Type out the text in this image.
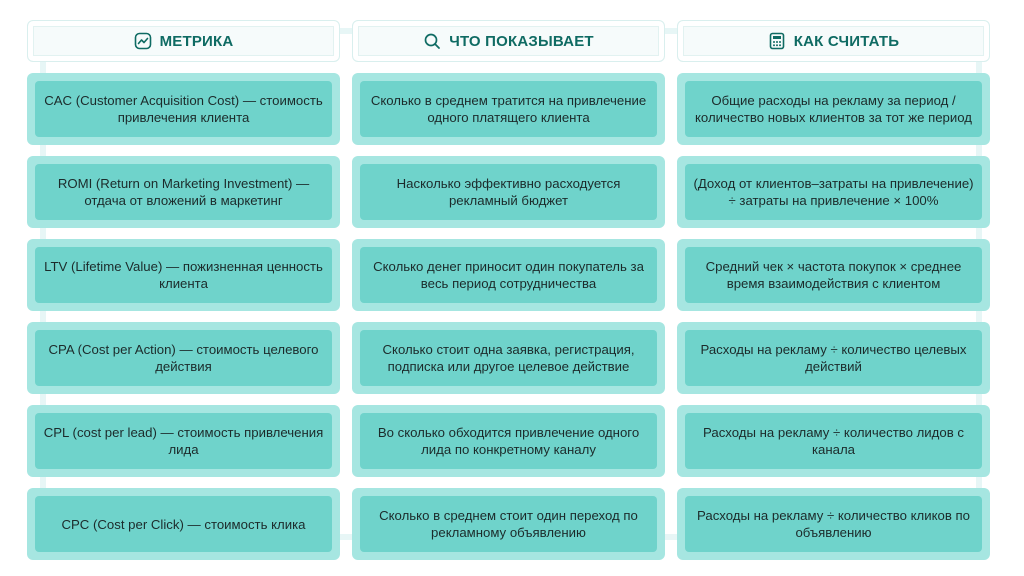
МЕТРИКА	ЧТО ПОКАЗЫВАЕТ	КАК СЧИТАТЬ
CAC (Customer Acquisition Cost) — стоимость привлечения клиента
Сколько в среднем тратится на привлечение одного платящего клиента
Общие расходы на рекламу за период / количество новых клиентов за тот же период
ROMI (Return on Marketing Investment) — отдача от вложений в маркетинг
Насколько эффективно расходуется рекламный бюджет
(Доход от клиентов–затраты на привлечение) ÷ затраты на привлечение × 100%
LTV (Lifetime Value) — пожизненная ценность клиента
Сколько денег приносит один покупатель за весь период сотрудничества
Средний чек × частота покупок × среднее время взаимодействия с клиентом
CPA (Cost per Action) — стоимость целевого действия
Сколько стоит одна заявка, регистрация, подписка или другое целевое действие
Расходы на рекламу ÷ количество целевых действий
CPL (cost per lead) — стоимость привлечения лида
Во сколько обходится привлечение одного лида по конкретному каналу
Расходы на рекламу ÷ количество лидов с канала
CPC (Cost per Click) — стоимость клика
Сколько в среднем стоит один переход по рекламному объявлению
Расходы на рекламу ÷ количество кликов по объявлению
